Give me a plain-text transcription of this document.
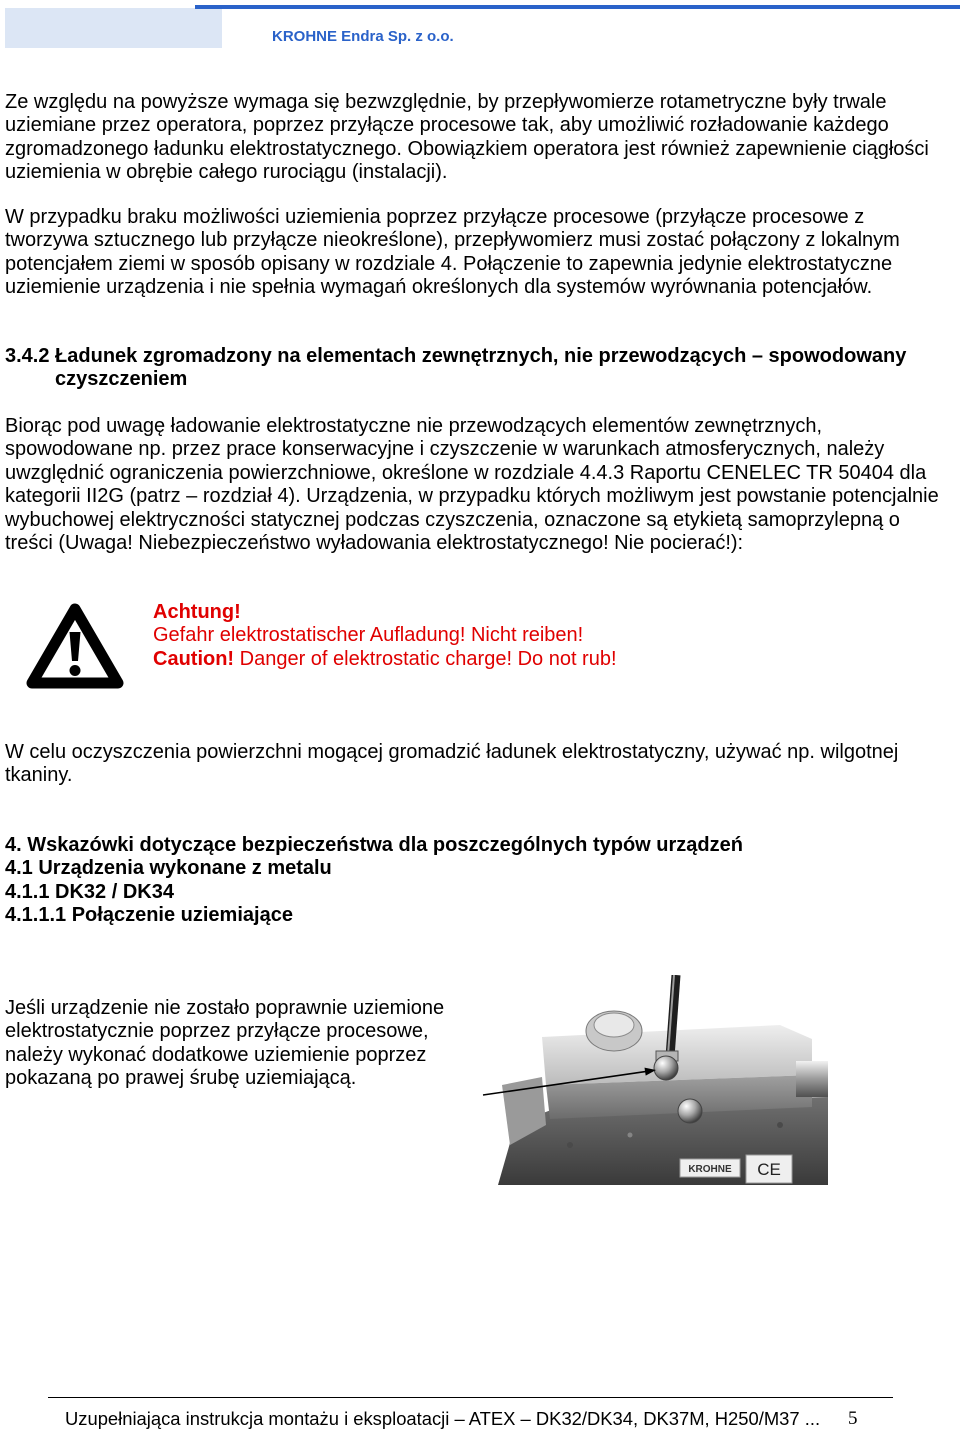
KROHNE Endra Sp. z o.o.
Ze względu na powyższe wymaga się bezwzględnie, by przepływomierze rotametryczne były trwale
uziemiane przez operatora, poprzez przyłącze procesowe tak, aby umożliwić rozładowanie każdego
zgromadzonego ładunku elektrostatycznego. Obowiązkiem operatora jest również zapewnienie ciągłości
uziemienia w obrębie całego rurociągu (instalacji).
W przypadku braku możliwości uziemienia poprzez przyłącze procesowe (przyłącze procesowe z
tworzywa sztucznego lub przyłącze nieokreślone), przepływomierz musi zostać połączony z lokalnym
potencjałem ziemi w sposób opisany w rozdziale 4. Połączenie to zapewnia jedynie elektrostatyczne
uziemienie urządzenia i nie spełnia wymagań określonych dla systemów wyrównania potencjałów.
3.4.2 Ładunek zgromadzony na elementach zewnętrznych, nie przewodzących – spowodowany
czyszczeniem
Biorąc pod uwagę ładowanie elektrostatyczne nie przewodzących elementów zewnętrznych,
spowodowane np. przez prace konserwacyjne i czyszczenie w warunkach atmosferycznych, należy
uwzględnić ograniczenia powierzchniowe, określone w rozdziale 4.4.3 Raportu CENELEC TR 50404 dla
kategorii II2G (patrz – rozdział 4). Urządzenia, w przypadku których możliwym jest powstanie potencjalnie
wybuchowej elektryczności statycznej podczas czyszczenia, oznaczone są etykietą samoprzylepną o
treści (Uwaga! Niebezpieczeństwo wyładowania elektrostatycznego! Nie pocierać!):
Achtung!
Gefahr elektrostatischer Aufladung! Nicht reiben!
Caution! Danger of elektrostatic charge! Do not rub!
W celu oczyszczenia powierzchni mogącej gromadzić ładunek elektrostatyczny, używać np. wilgotnej
tkaniny.
4. Wskazówki dotyczące bezpieczeństwa dla poszczególnych typów urządzeń
4.1 Urządzenia wykonane z metalu
4.1.1 DK32 / DK34
4.1.1.1 Połączenie uziemiające
Jeśli urządzenie nie zostało poprawnie uziemione
elektrostatycznie poprzez przyłącze procesowe,
należy wykonać dodatkowe uziemienie poprzez
pokazaną po prawej śrubę uziemiającą.
KROHNE CE
Uzupełniająca instrukcja montażu i eksploatacji – ATEX – DK32/DK34, DK37M, H250/M37 ... 5
